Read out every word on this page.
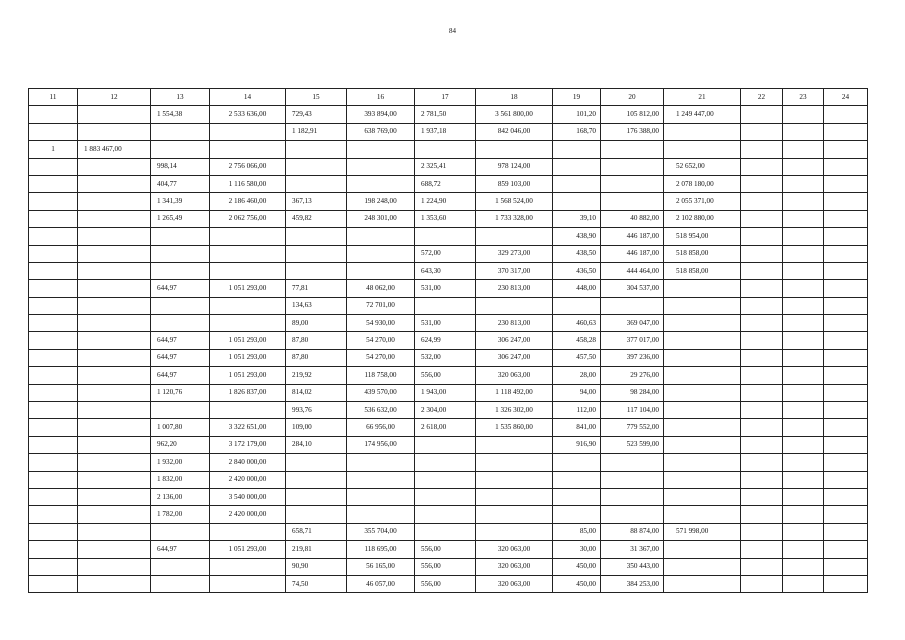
84
11	12	13	14	15	16	17	18	19	20	21	22	23	24
		1 554,38	2 533 636,00	729,43	393 894,00	2 781,50	3 561 800,00	101,20	105 812,00	1 249 447,00			
				1 182,91	638 769,00	1 937,18	842 046,00	168,70	176 388,00				
1	1 883 467,00												
		998,14	2 756 066,00			2 325,41	978 124,00			52 652,00			
		404,77	1 116 580,00			688,72	859 103,00			2 078 180,00			
		1 341,39	2 186 460,00	367,13	198 248,00	1 224,90	1 568 524,00			2 055 371,00			
		1 265,49	2 062 756,00	459,82	248 301,00	1 353,60	1 733 328,00	39,10	40 882,00	2 102 880,00			
								438,90	446 187,00	518 954,00			
						572,00	329 273,00	438,50	446 187,00	518 858,00			
						643,30	370 317,00	436,50	444 464,00	518 858,00			
		644,97	1 051 293,00	77,81	48 062,00	531,00	230 813,00	448,00	304 537,00				
				134,63	72 701,00								
				89,00	54 930,00	531,00	230 813,00	460,63	369 047,00				
		644,97	1 051 293,00	87,80	54 270,00	624,99	306 247,00	458,28	377 017,00				
		644,97	1 051 293,00	87,80	54 270,00	532,00	306 247,00	457,50	397 236,00				
		644,97	1 051 293,00	219,92	118 758,00	556,00	320 063,00	28,00	29 276,00				
		1 120,76	1 826 837,00	814,02	439 570,00	1 943,00	1 118 492,00	94,00	98 284,00				
				993,76	536 632,00	2 304,00	1 326 302,00	112,00	117 104,00				
		1 007,80	3 322 651,00	109,00	66 956,00	2 618,00	1 535 860,00	841,00	779 552,00				
		962,20	3 172 179,00	284,10	174 956,00			916,90	523 599,00				
		1 932,00	2 840 000,00										
		1 832,00	2 420 000,00										
		2 136,00	3 540 000,00										
		1 782,00	2 420 000,00										
				658,71	355 704,00			85,00	88 874,00	571 998,00			
		644,97	1 051 293,00	219,81	118 695,00	556,00	320 063,00	30,00	31 367,00				
				90,90	56 165,00	556,00	320 063,00	450,00	350 443,00				
				74,50	46 057,00	556,00	320 063,00	450,00	384 253,00				
